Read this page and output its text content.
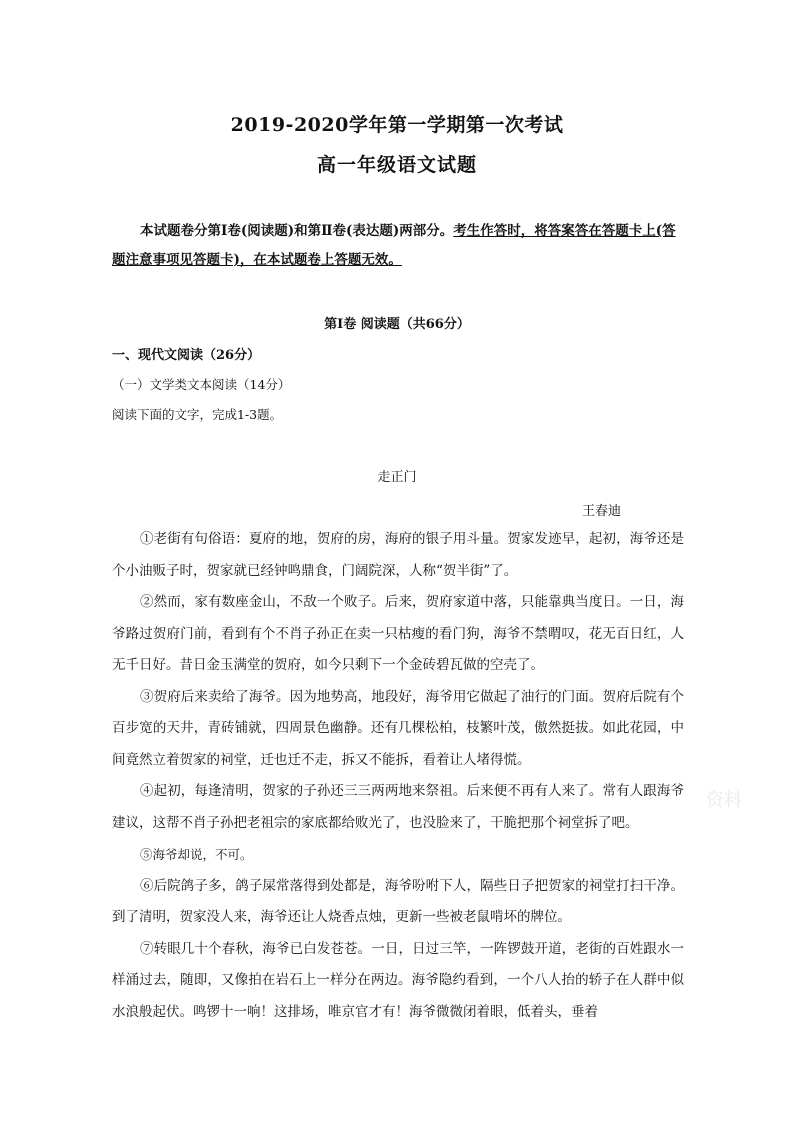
2019-2020学年第一学期第一次考试
高一年级语文试题
本试题卷分第Ⅰ卷(阅读题)和第Ⅱ卷(表达题)两部分。考生作答时，将答案答在答题卡上(答题注意事项见答题卡)，在本试题卷上答题无效。
第Ⅰ卷 阅读题（共66分）
一、现代文阅读（26分）
（一）文学类文本阅读（14分）
阅读下面的文字，完成1-3题。
走正门
王春迪

①老街有句俗语：夏府的地，贺府的房，海府的银子用斗量。贺家发迹早，起初，海爷还是个小油贩子时，贺家就已经钟鸣鼎食，门阔院深，人称“贺半街”了。

②然而，家有数座金山，不敌一个败子。后来，贺府家道中落，只能靠典当度日。一日，海爷路过贺府门前，看到有个不肖子孙正在卖一只枯瘦的看门狗，海爷不禁喟叹，花无百日红，人无千日好。昔日金玉满堂的贺府，如今只剩下一个金砖碧瓦做的空壳了。

③贺府后来卖给了海爷。因为地势高，地段好，海爷用它做起了油行的门面。贺府后院有个百步宽的天井，青砖铺就，四周景色幽静。还有几棵松柏，枝繁叶茂，傲然挺拔。如此花园，中间竟然立着贺家的祠堂，迁也迁不走，拆又不能拆，看着让人堵得慌。

④起初，每逢清明，贺家的子孙还三三两两地来祭祖。后来便不再有人来了。常有人跟海爷建议，这帮不肖子孙把老祖宗的家底都给败光了，也没脸来了，干脆把那个祠堂拆了吧。

⑤海爷却说，不可。

⑥后院鸽子多，鸽子屎常落得到处都是，海爷吩咐下人，隔些日子把贺家的祠堂打扫干净。到了清明，贺家没人来，海爷还让人烧香点烛，更新一些被老鼠啃坏的牌位。

⑦转眼几十个春秋，海爷已白发苍苍。一日，日过三竿，一阵锣鼓开道，老街的百姓跟水一样涌过去，随即，又像拍在岩石上一样分在两边。海爷隐约看到，一个八人抬的轿子在人群中似水浪般起伏。鸣锣十一响！这排场，唯京官才有！海爷微微闭着眼，低着头，垂着

资料
